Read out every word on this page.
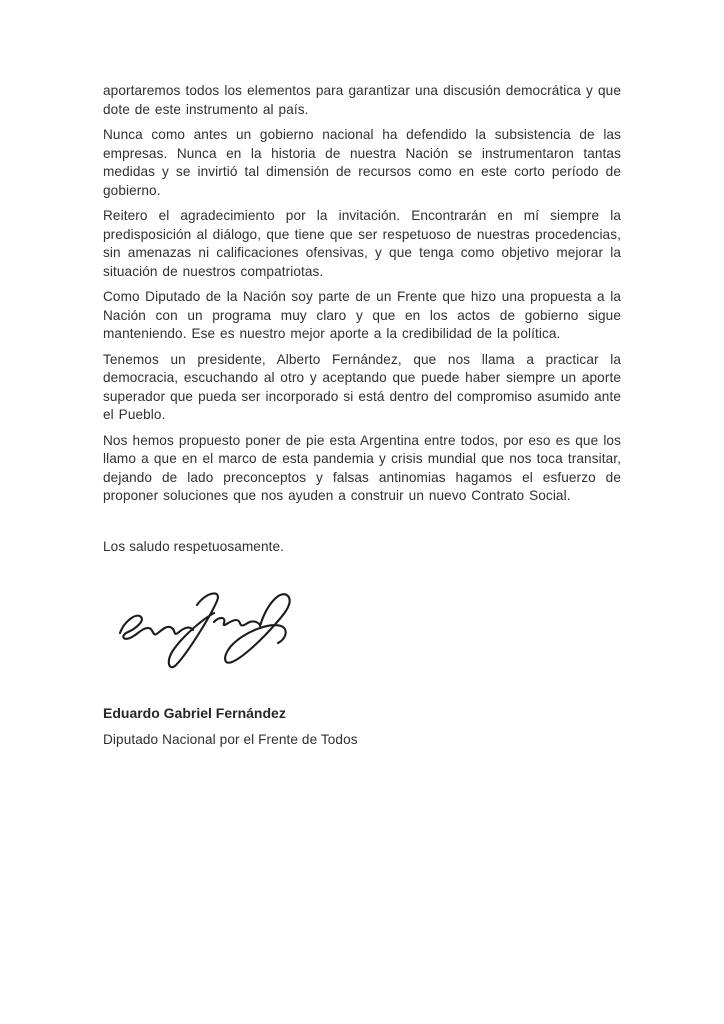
aportaremos todos los elementos para garantizar una discusión democrática y que dote de este instrumento al país.

Nunca como antes un gobierno nacional ha defendido la subsistencia de las empresas. Nunca en la historia de nuestra Nación se instrumentaron tantas medidas y se invirtió tal dimensión de recursos como en este corto período de gobierno.

Reitero el agradecimiento por la invitación. Encontrarán en mí siempre la predisposición al diálogo, que tiene que ser respetuoso de nuestras procedencias, sin amenazas ni calificaciones ofensivas, y que tenga como objetivo mejorar la situación de nuestros compatriotas.

Como Diputado de la Nación soy parte de un Frente que hizo una propuesta a la Nación con un programa muy claro y que en los actos de gobierno sigue manteniendo. Ese es nuestro mejor aporte a la credibilidad de la política.

Tenemos un presidente, Alberto Fernández, que nos llama a practicar la democracia, escuchando al otro y aceptando que puede haber siempre un aporte superador que pueda ser incorporado si está dentro del compromiso asumido ante el Pueblo.

Nos hemos propuesto poner de pie esta Argentina entre todos, por eso es que los llamo a que en el marco de esta pandemia y crisis mundial que nos toca transitar, dejando de lado preconceptos y falsas antinomias hagamos el esfuerzo de proponer soluciones que nos ayuden a construir un nuevo Contrato Social.

Los saludo respetuosamente.

Eduardo Gabriel Fernández

Diputado Nacional por el Frente de Todos
